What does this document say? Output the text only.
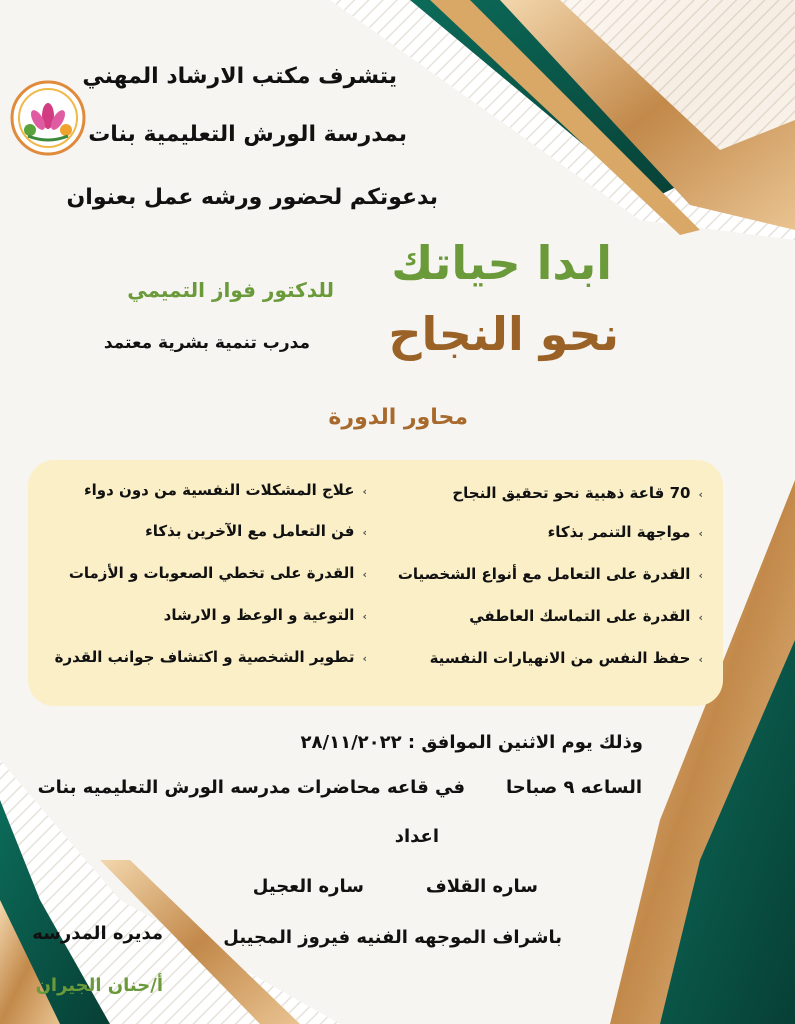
يتشرف مكتب الارشاد المهني
بمدرسة الورش التعليمية بنات
بدعوتكم لحضور ورشه عمل بعنوان
ابدا حياتك
نحو النجاح
للدكتور فواز التميمي
مدرب تنمية بشرية معتمد
محاور الدورة
›70 قاعة ذهبية نحو تحقيق النجاح
›مواجهة التنمر بذكاء
›القدرة على التعامل مع أنواع الشخصيات
›القدرة على التماسك العاطفي
›حفظ النفس من الانهيارات النفسية
›علاج المشكلات النفسية من دون دواء
›فن التعامل مع الآخرين بذكاء
›القدرة على تخطي الصعوبات و الأزمات
›التوعية و الوعظ و الارشاد
›تطوير الشخصية و اكتشاف جوانب القدرة
وذلك يوم الاثنين الموافق : ٢٨/١١/٢٠٢٢
الساعه ٩ صباحا
في قاعه محاضرات مدرسه الورش التعليميه بنات
اعداد
ساره القلاف
ساره العجيل
باشراف الموجهه الفنيه فيروز المجيبل
مديره المدرسه
أ/حنان الجيران
